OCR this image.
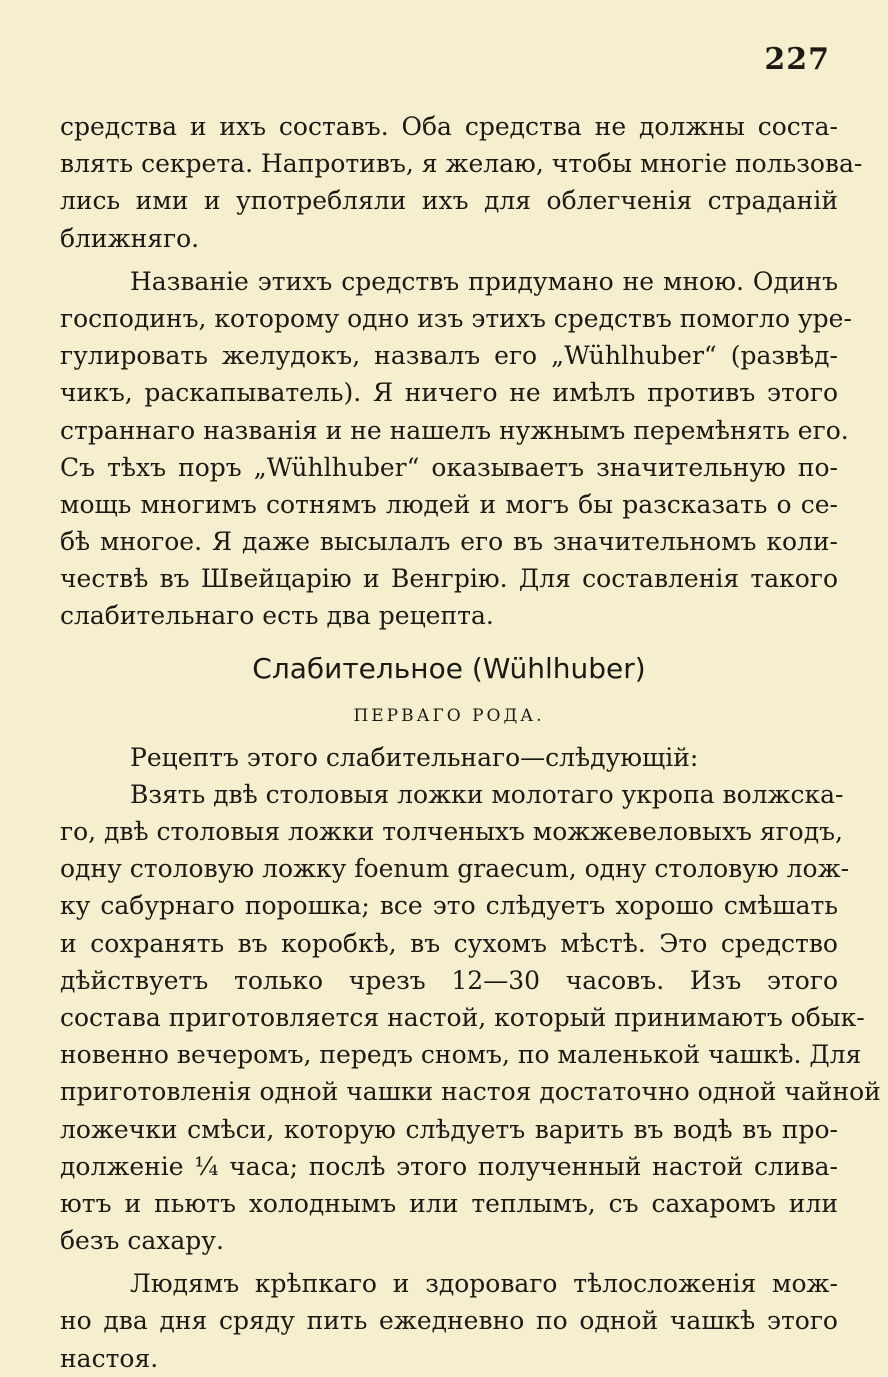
227
средства и ихъ составъ. Оба средства не должны соста-
влять секрета. Напротивъ, я желаю, чтобы многіе пользова-
лись ими и употребляли ихъ для облегченія страданій
ближняго.
Названіе этихъ средствъ придумано не мною. Одинъ
господинъ, которому одно изъ этихъ средствъ помогло уре-
гулировать желудокъ, назвалъ его „Wühlhuber“ (развѣд-
чикъ, раскапыватель). Я ничего не имѣлъ противъ этого
страннаго названія и не нашелъ нужнымъ перемѣнять его.
Съ тѣхъ поръ „Wühlhuber“ оказываетъ значительную по-
мощь многимъ сотнямъ людей и могъ бы разсказать о се-
бѣ многое. Я даже высылалъ его въ значительномъ коли-
чествѣ въ Швейцарію и Венгрію. Для составленія такого
слабительнаго есть два рецепта.
Слабительное (Wühlhuber)
ПЕРВАГО РОДА.
Рецептъ этого слабительнаго—слѣдующій:
Взять двѣ столовыя ложки молотаго укропа волжска-
го, двѣ столовыя ложки толченыхъ можжевеловыхъ ягодъ,
одну столовую ложку foenum graecum, одну столовую лож-
ку сабурнаго порошка; все это слѣдуетъ хорошо смѣшать
и сохранять въ коробкѣ, въ сухомъ мѣстѣ. Это средство
дѣйствуетъ только чрезъ 12—30 часовъ. Изъ этого
состава приготовляется настой, который принимаютъ обык-
новенно вечеромъ, передъ сномъ, по маленькой чашкѣ. Для
приготовленія одной чашки настоя достаточно одной чайной
ложечки смѣси, которую слѣдуетъ варить въ водѣ въ про-
долженіе ¼ часа; послѣ этого полученный настой слива-
ютъ и пьютъ холоднымъ или теплымъ, съ сахаромъ или
безъ сахару.
Людямъ крѣпкаго и здороваго тѣлосложенія мож-
но два дня сряду пить ежедневно по одной чашкѣ этого
настоя.
